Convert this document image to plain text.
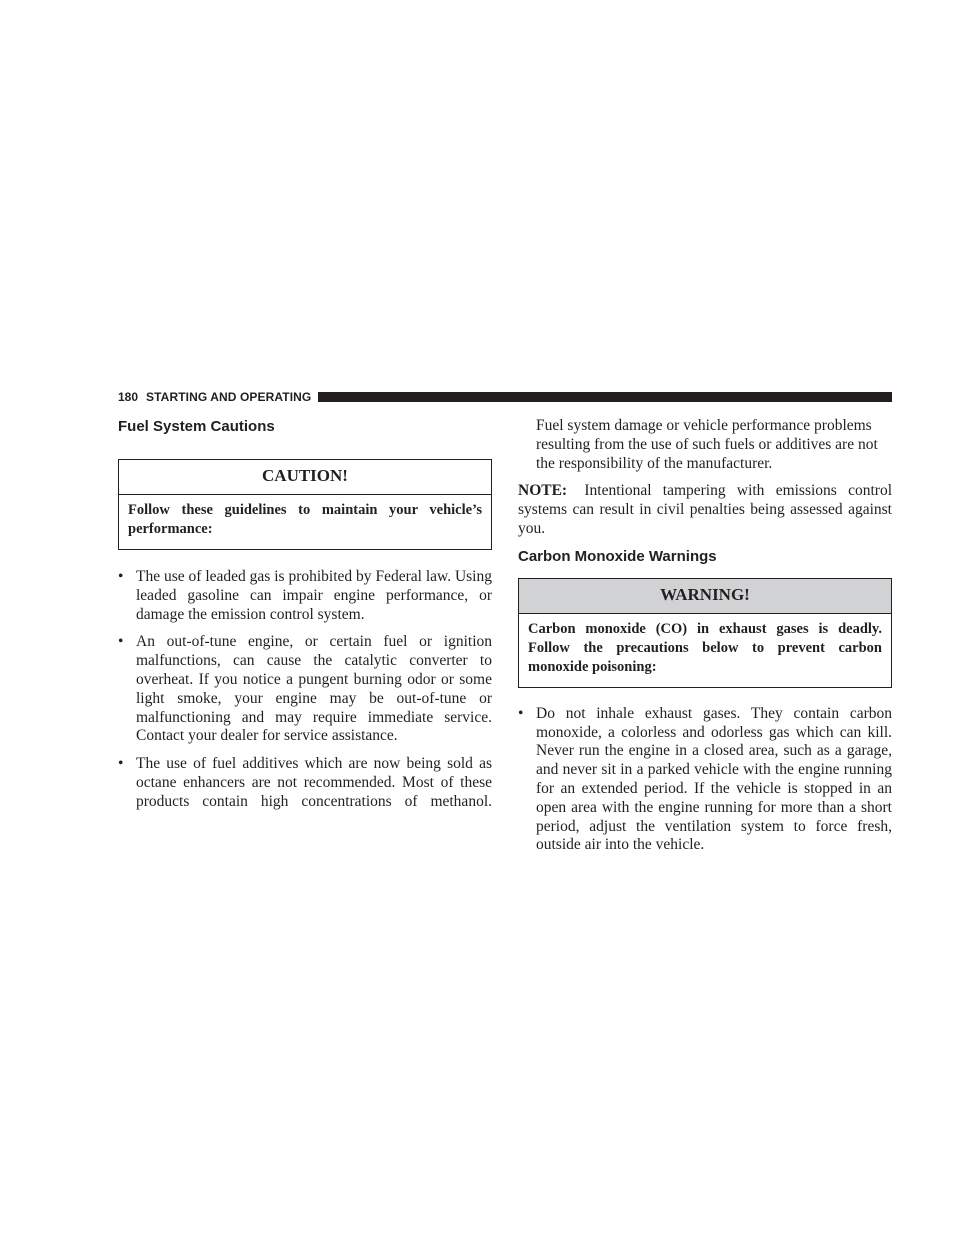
180 STARTING AND OPERATING
Fuel System Cautions
CAUTION!
Follow these guidelines to maintain your vehicle’s performance:
• The use of leaded gas is prohibited by Federal law. Using leaded gasoline can impair engine performance, or damage the emission control system.
• An out-of-tune engine, or certain fuel or ignition malfunctions, can cause the catalytic converter to overheat. If you notice a pungent burning odor or some light smoke, your engine may be out-of-tune or malfunctioning and may require immediate service. Contact your dealer for service assistance.
• The use of fuel additives which are now being sold as octane enhancers are not recommended. Most of these products contain high concentrations of methanol.

Fuel system damage or vehicle performance problems resulting from the use of such fuels or additives are not the responsibility of the manufacturer.

NOTE: Intentional tampering with emissions control systems can result in civil penalties being assessed against you.

Carbon Monoxide Warnings
WARNING!
Carbon monoxide (CO) in exhaust gases is deadly. Follow the precautions below to prevent carbon monoxide poisoning:
• Do not inhale exhaust gases. They contain carbon monoxide, a colorless and odorless gas which can kill. Never run the engine in a closed area, such as a garage, and never sit in a parked vehicle with the engine running for an extended period. If the vehicle is stopped in an open area with the engine running for more than a short period, adjust the ventilation system to force fresh, outside air into the vehicle.
